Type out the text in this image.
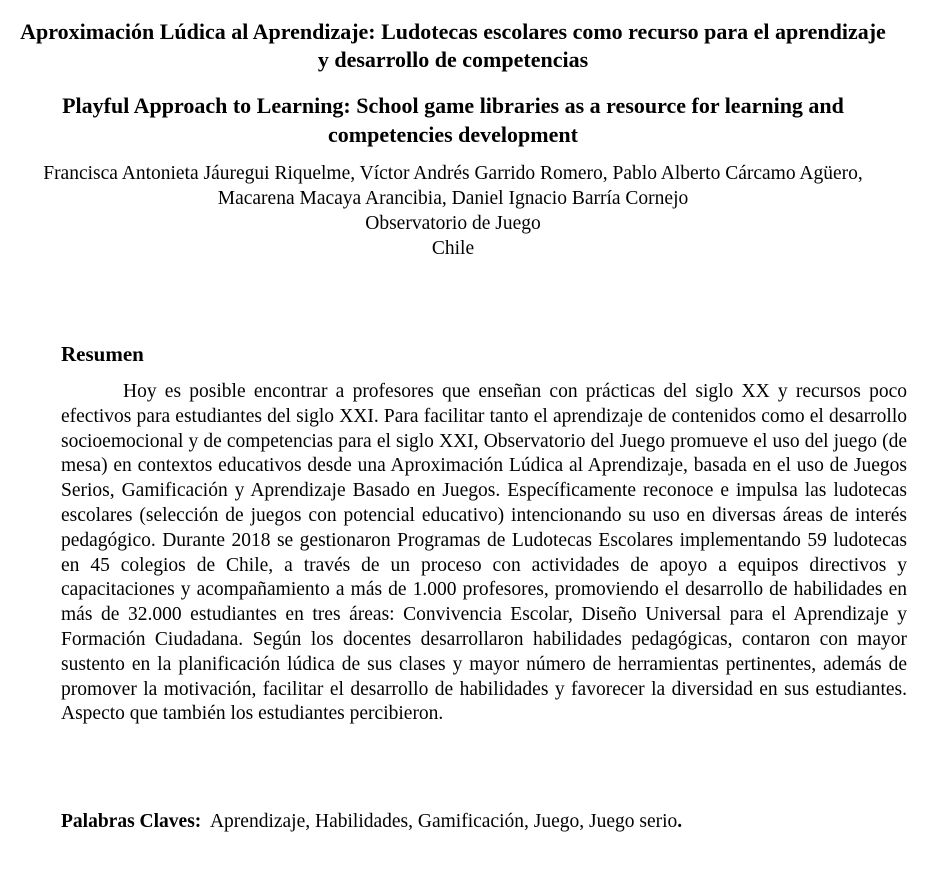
Aproximación Lúdica al Aprendizaje: Ludotecas escolares como recurso para el aprendizaje y desarrollo de competencias
Playful Approach to Learning: School game libraries as a resource for learning and competencies development

Francisca Antonieta Jáuregui Riquelme, Víctor Andrés Garrido Romero, Pablo Alberto Cárcamo Agüero, Macarena Macaya Arancibia, Daniel Ignacio Barría Cornejo

Observatorio de Juego
Chile
Resumen

Hoy es posible encontrar a profesores que enseñan con prácticas del siglo XX y recursos poco efectivos para estudiantes del siglo XXI. Para facilitar tanto el aprendizaje de contenidos como el desarrollo socioemocional y de competencias para el siglo XXI, Observatorio del Juego promueve el uso del juego (de mesa) en contextos educativos desde una Aproximación Lúdica al Aprendizaje, basada en el uso de Juegos Serios, Gamificación y Aprendizaje Basado en Juegos. Específicamente reconoce e impulsa las ludotecas escolares (selección de juegos con potencial educativo) intencionando su uso en diversas áreas de interés pedagógico. Durante 2018 se gestionaron Programas de Ludotecas Escolares implementando 59 ludotecas en 45 colegios de Chile, a través de un proceso con actividades de apoyo a equipos directivos y capacitaciones y acompañamiento a más de 1.000 profesores, promoviendo el desarrollo de habilidades en más de 32.000 estudiantes en tres áreas: Convivencia Escolar, Diseño Universal para el Aprendizaje y Formación Ciudadana. Según los docentes desarrollaron habilidades pedagógicas, contaron con mayor sustento en la planificación lúdica de sus clases y mayor número de herramientas pertinentes, además de promover la motivación, facilitar el desarrollo de habilidades y favorecer la diversidad en sus estudiantes. Aspecto que también los estudiantes percibieron.

Palabras Claves: Aprendizaje, Habilidades, Gamificación, Juego, Juego serio.
